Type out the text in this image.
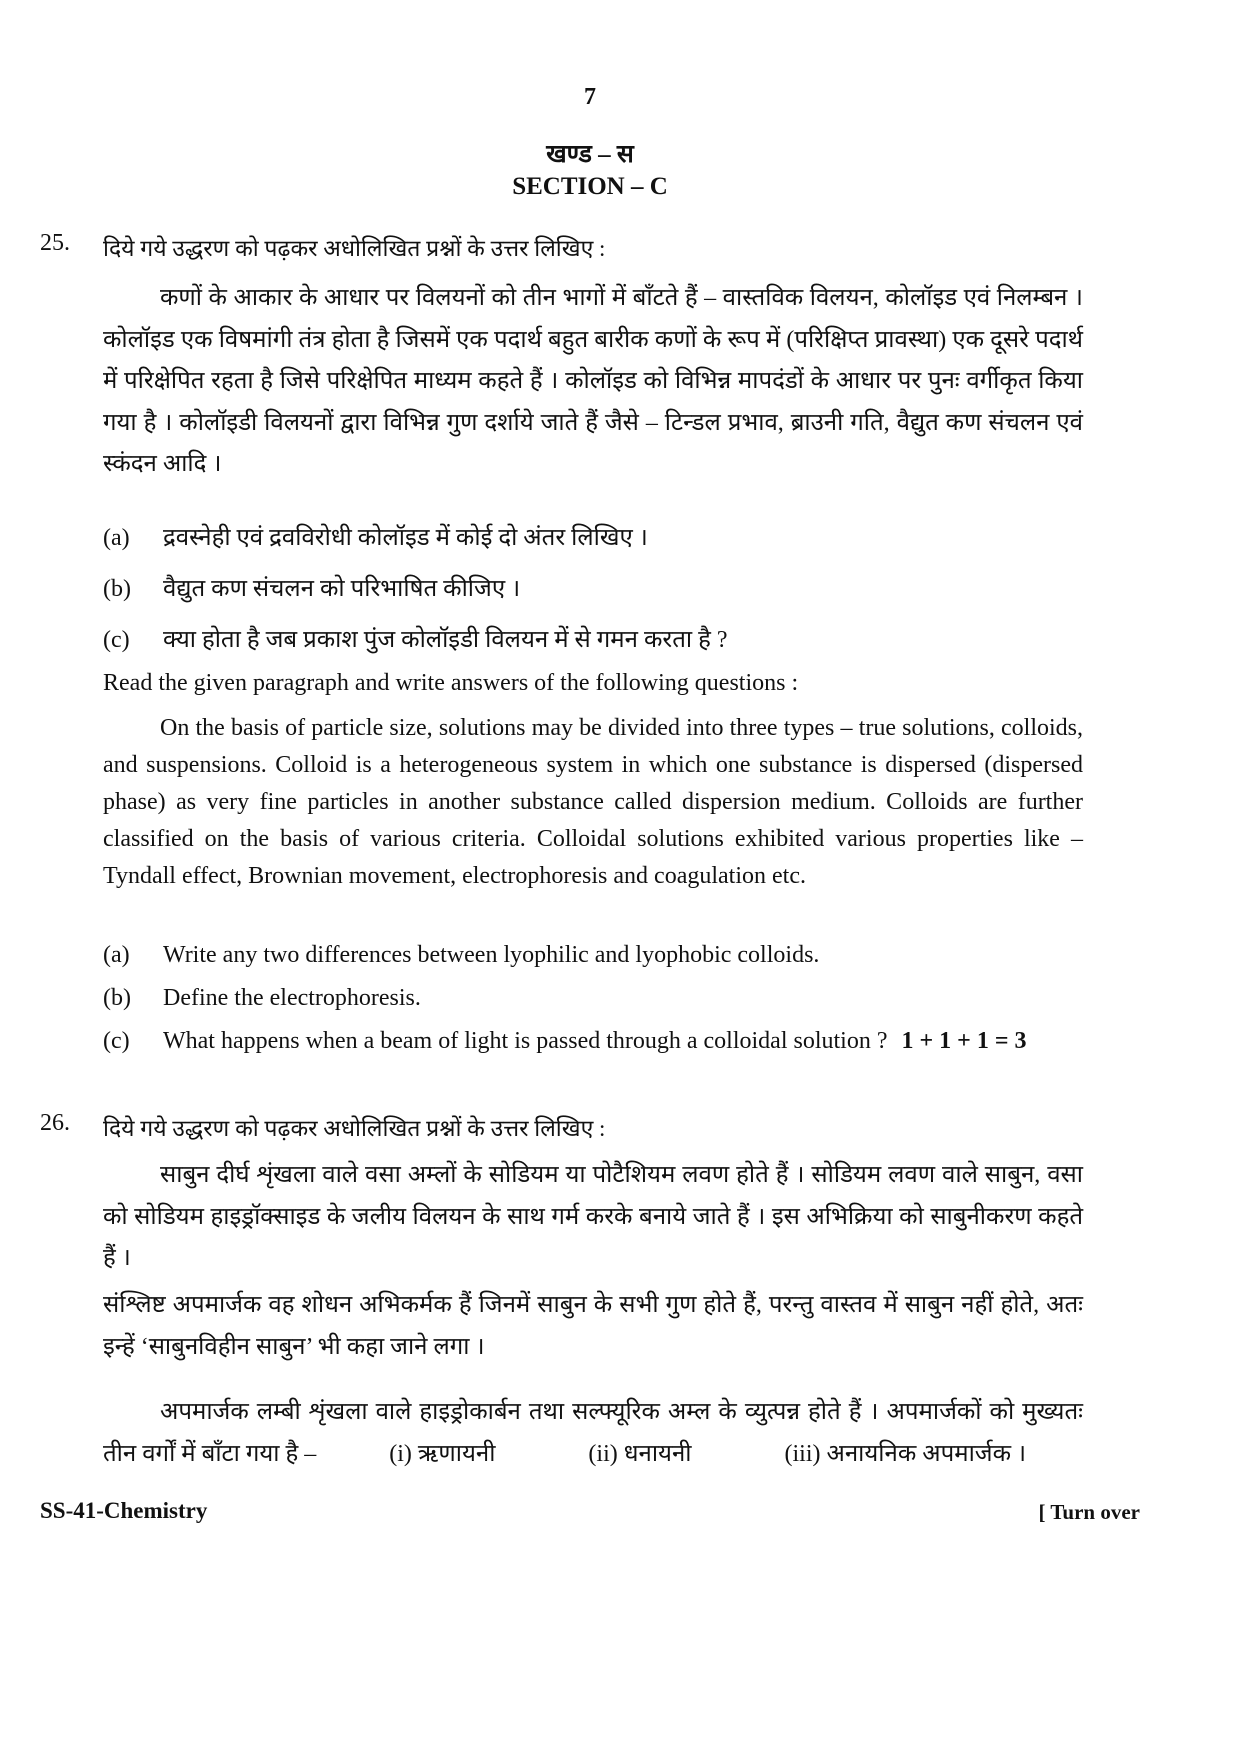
7
खण्ड – स
SECTION – C
25. दिये गये उद्धरण को पढ़कर अधोलिखित प्रश्नों के उत्तर लिखिए :

कणों के आकार के आधार पर विलयनों को तीन भागों में बाँटते हैं – वास्तविक विलयन, कोलॉइड एवं निलम्बन । कोलॉइड एक विषमांगी तंत्र होता है जिसमें एक पदार्थ बहुत बारीक कणों के रूप में (परिक्षिप्त प्रावस्था) एक दूसरे पदार्थ में परिक्षेपित रहता है जिसे परिक्षेपित माध्यम कहते हैं । कोलॉइड को विभिन्न मापदंडों के आधार पर पुनः वर्गीकृत किया गया है । कोलॉइडी विलयनों द्वारा विभिन्न गुण दर्शाये जाते हैं जैसे – टिन्डल प्रभाव, ब्राउनी गति, वैद्युत कण संचलन एवं स्कंदन आदि ।

(a) द्रवस्नेही एवं द्रवविरोधी कोलॉइड में कोई दो अंतर लिखिए ।
(b) वैद्युत कण संचलन को परिभाषित कीजिए ।
(c) क्या होता है जब प्रकाश पुंज कोलॉइडी विलयन में से गमन करता है ?
Read the given paragraph and write answers of the following questions :

On the basis of particle size, solutions may be divided into three types – true solutions, colloids, and suspensions. Colloid is a heterogeneous system in which one substance is dispersed (dispersed phase) as very fine particles in another substance called dispersion medium. Colloids are further classified on the basis of various criteria. Colloidal solutions exhibited various properties like – Tyndall effect, Brownian movement, electrophoresis and coagulation etc.

(a) Write any two differences between lyophilic and lyophobic colloids.
(b) Define the electrophoresis.
(c) What happens when a beam of light is passed through a colloidal solution ? 1 + 1 + 1 = 3
26. दिये गये उद्धरण को पढ़कर अधोलिखित प्रश्नों के उत्तर लिखिए :

साबुन दीर्घ शृंखला वाले वसा अम्लों के सोडियम या पोटैशियम लवण होते हैं । सोडियम लवण वाले साबुन, वसा को सोडियम हाइड्रॉक्साइड के जलीय विलयन के साथ गर्म करके बनाये जाते हैं । इस अभिक्रिया को साबुनीकरण कहते हैं ।

संश्लिष्ट अपमार्जक वह शोधन अभिकर्मक हैं जिनमें साबुन के सभी गुण होते हैं, परन्तु वास्तव में साबुन नहीं होते, अतः इन्हें ‘साबुनविहीन साबुन’ भी कहा जाने लगा ।

अपमार्जक लम्बी शृंखला वाले हाइड्रोकार्बन तथा सल्फ्यूरिक अम्ल के व्युत्पन्न होते हैं । अपमार्जकों को मुख्यतः तीन वर्गों में बाँटा गया है –	(i) ऋणायनी	(ii) धनायनी	(iii) अनायनिक अपमार्जक ।

SS-41-Chemistry	[ Turn over
